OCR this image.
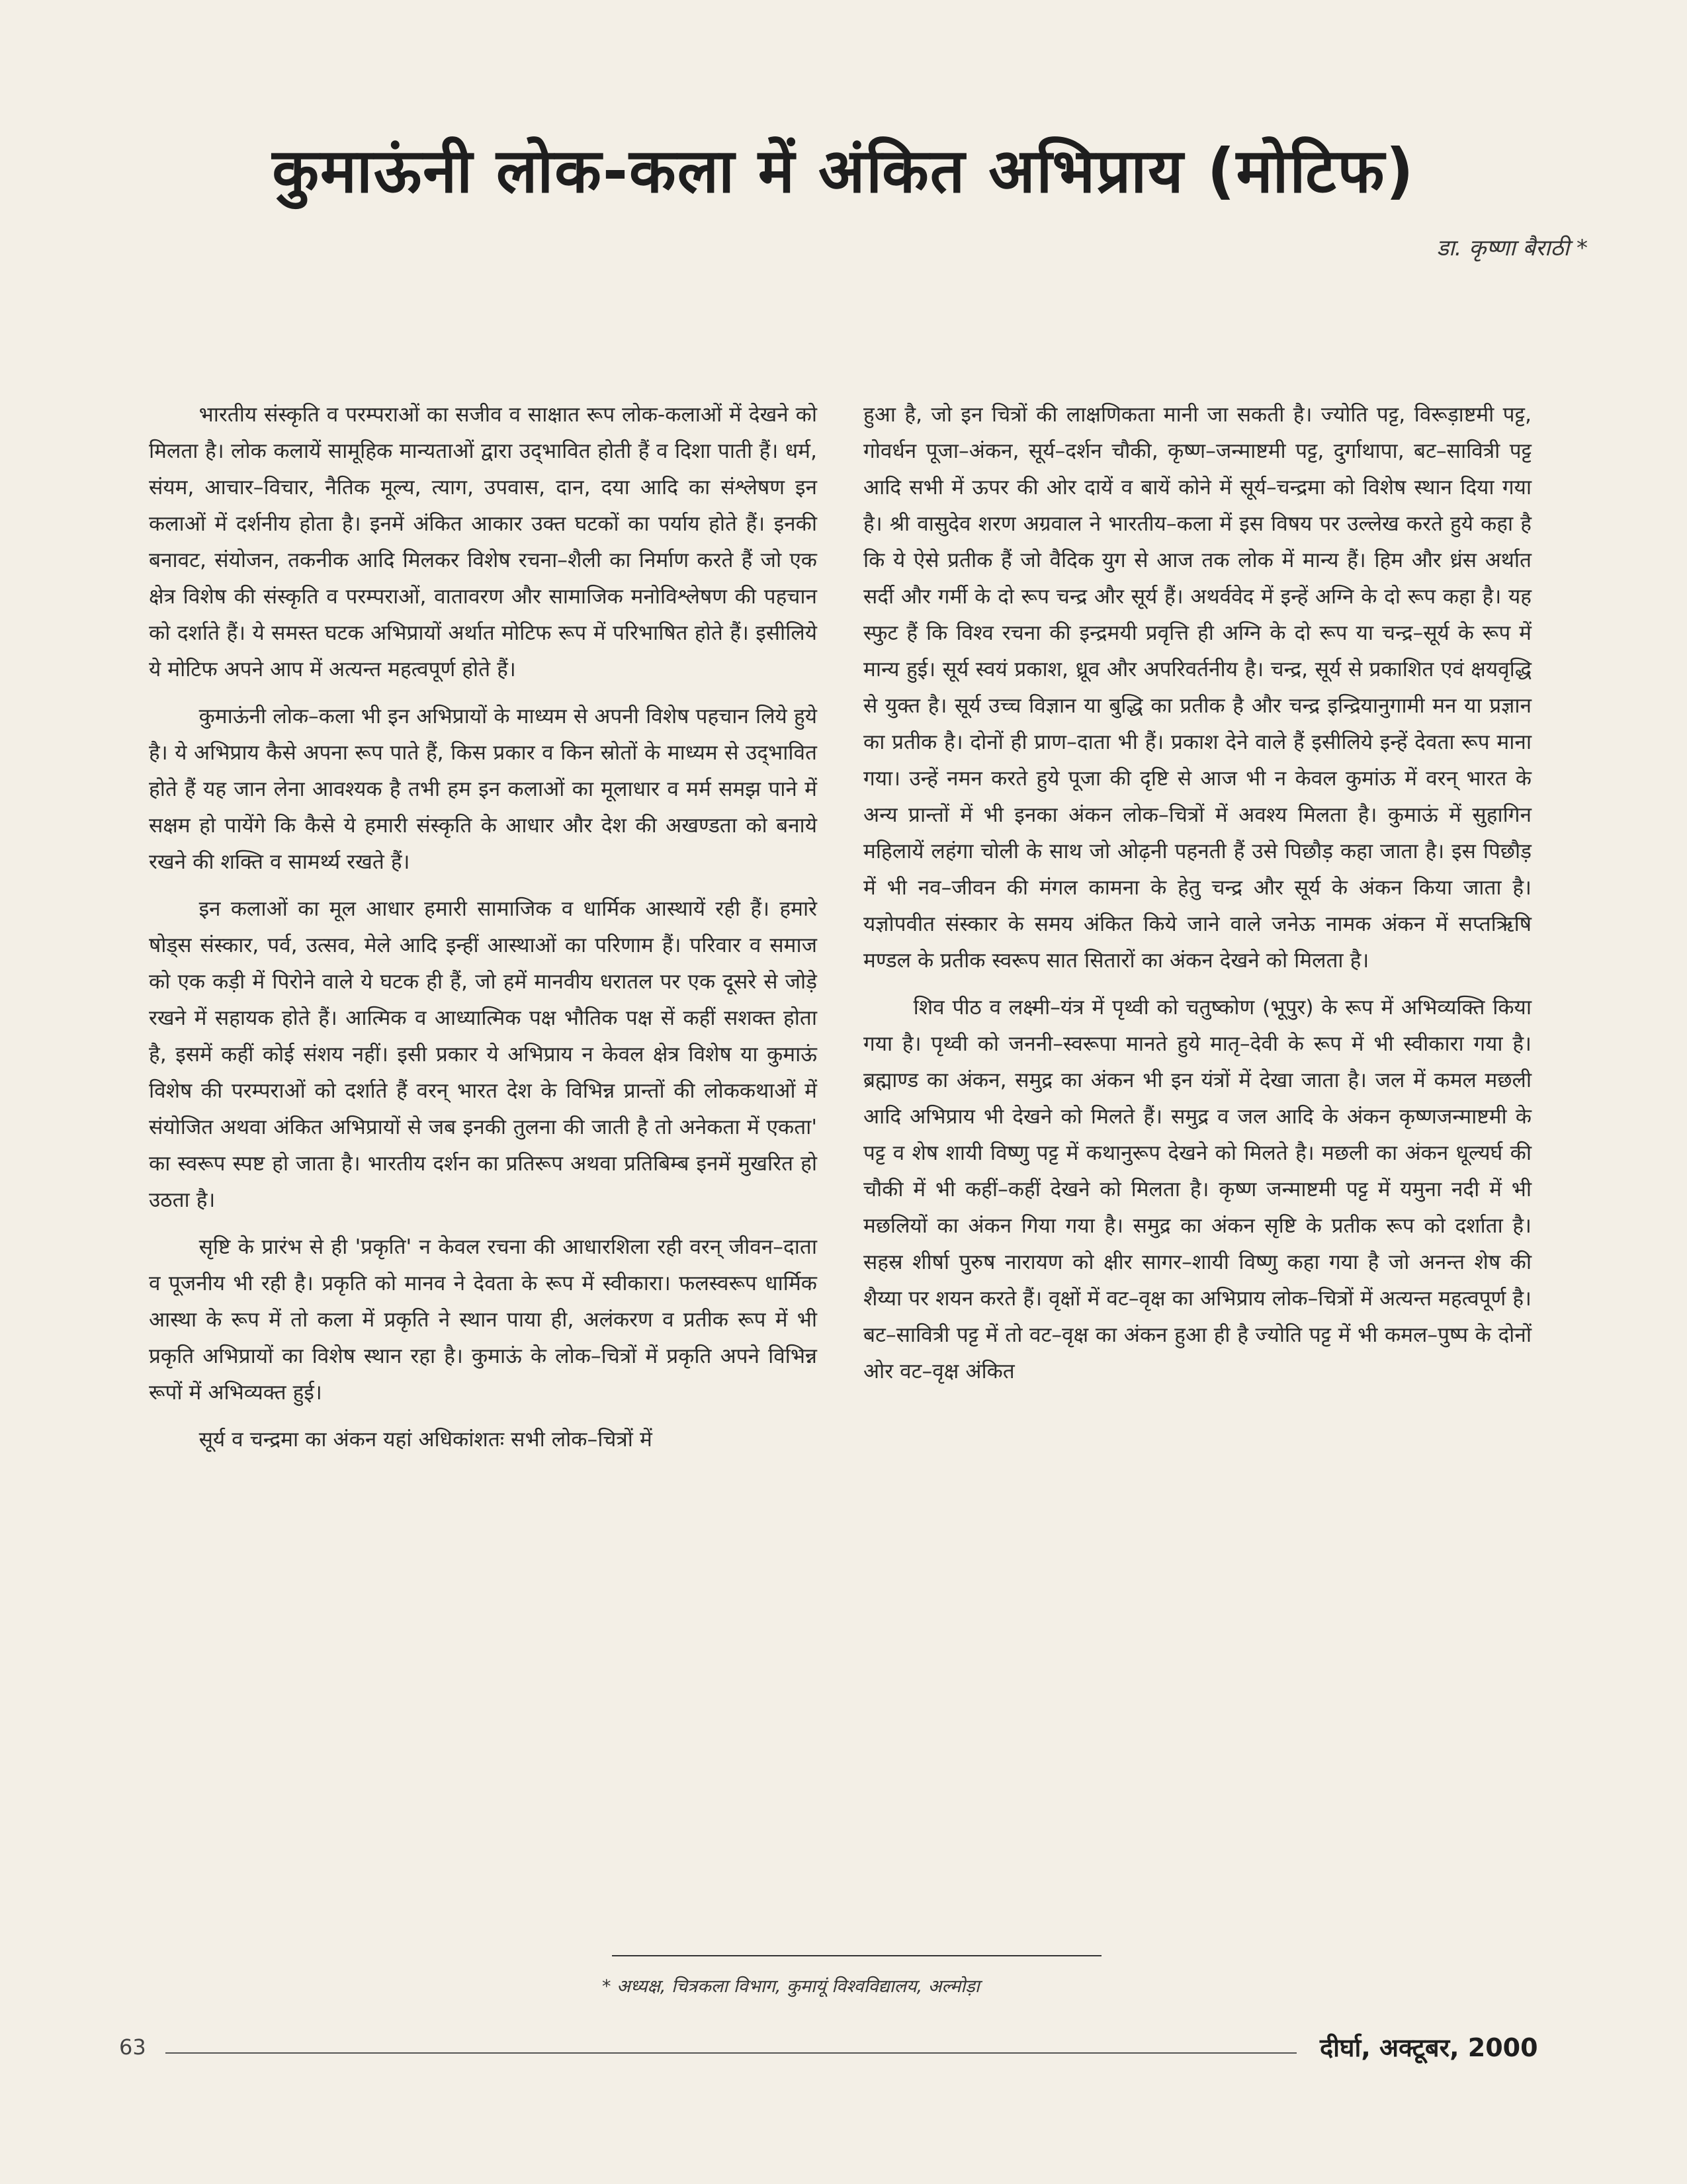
कुमाऊंनी लोक-कला में अंकित अभिप्राय (मोटिफ)
डा. कृष्णा बैराठी *

भारतीय संस्कृति व परम्पराओं का सजीव व साक्षात रूप लोक-कलाओं में देखने को मिलता है। लोक कलायें सामूहिक मान्यताओं द्वारा उद्‌भावित होती हैं व दिशा पाती हैं। धर्म, संयम, आचार–विचार, नैतिक मूल्य, त्याग, उपवास, दान, दया आदि का संश्लेषण इन कलाओं में दर्शनीय होता है। इनमें अंकित आकार उक्त घटकों का पर्याय होते हैं। इनकी बनावट, संयोजन, तकनीक आदि मिलकर विशेष रचना–शैली का निर्माण करते हैं जो एक क्षेत्र विशेष की संस्कृति व परम्पराओं, वातावरण और सामाजिक मनोविश्लेषण की पहचान को दर्शाते हैं। ये समस्त घटक अभिप्रायों अर्थात मोटिफ रूप में परिभाषित होते हैं। इसीलिये ये मोटिफ अपने आप में अत्यन्त महत्वपूर्ण होते हैं।

कुमाऊंनी लोक–कला भी इन अभिप्रायों के माध्यम से अपनी विशेष पहचान लिये हुये है। ये अभिप्राय कैसे अपना रूप पाते हैं, किस प्रकार व किन स्रोतों के माध्यम से उद्‌भावित होते हैं यह जान लेना आवश्यक है तभी हम इन कलाओं का मूलाधार व मर्म समझ पाने में सक्षम हो पायेंगे कि कैसे ये हमारी संस्कृति के आधार और देश की अखण्डता को बनाये रखने की शक्ति व सामर्थ्य रखते हैं।

इन कलाओं का मूल आधार हमारी सामाजिक व धार्मिक आस्थायें रही हैं। हमारे षोड्स संस्कार, पर्व, उत्सव, मेले आदि इन्हीं आस्थाओं का परिणाम हैं। परिवार व समाज को एक कड़ी में पिरोने वाले ये घटक ही हैं, जो हमें मानवीय धरातल पर एक दूसरे से जोड़े रखने में सहायक होते हैं। आत्मिक व आध्यात्मिक पक्ष भौतिक पक्ष सें कहीं सशक्त होता है, इसमें कहीं कोई संशय नहीं। इसी प्रकार ये अभिप्राय न केवल क्षेत्र विशेष या कुमाऊं विशेष की परम्पराओं को दर्शाते हैं वरन् भारत देश के विभिन्न प्रान्तों की लोककथाओं में संयोजित अथवा अंकित अभिप्रायों से जब इनकी तुलना की जाती है तो अनेकता में एकता' का स्वरूप स्पष्ट हो जाता है। भारतीय दर्शन का प्रतिरूप अथवा प्रतिबिम्ब इनमें मुखरित हो उठता है।

सृष्टि के प्रारंभ से ही 'प्रकृति' न केवल रचना की आधारशिला रही वरन् जीवन–दाता व पूजनीय भी रही है। प्रकृति को मानव ने देवता के रूप में स्वीकारा। फलस्वरूप धार्मिक आस्था के रूप में तो कला में प्रकृति ने स्थान पाया ही, अलंकरण व प्रतीक रूप में भी प्रकृति अभिप्रायों का विशेष स्थान रहा है। कुमाऊं के लोक–चित्रों में प्रकृति अपने विभिन्न रूपों में अभिव्यक्त हुई।

सूर्य व चन्द्रमा का अंकन यहां अधिकांशतः सभी लोक–चित्रों में

हुआ है, जो इन चित्रों की लाक्षणिकता मानी जा सकती है। ज्योति पट्ट, विरूड़ाष्टमी पट्ट, गोवर्धन पूजा–अंकन, सूर्य–दर्शन चौकी, कृष्ण–जन्माष्टमी पट्ट, दुर्गाथापा, बट–सावित्री पट्ट आदि सभी में ऊपर की ओर दायें व बायें कोने में सूर्य–चन्द्रमा को विशेष स्थान दिया गया है। श्री वासुदेव शरण अग्रवाल ने भारतीय–कला में इस विषय पर उल्लेख करते हुये कहा है कि ये ऐसे प्रतीक हैं जो वैदिक युग से आज तक लोक में मान्य हैं। हिम और ध्रंस अर्थात सर्दी और गर्मी के दो रूप चन्द्र और सूर्य हैं। अथर्ववेद में इन्हें अग्नि के दो रूप कहा है। यह स्फुट हैं कि विश्व रचना की इन्द्रमयी प्रवृत्ति ही अग्नि के दो रूप या चन्द्र–सूर्य के रूप में मान्य हुई। सूर्य स्वयं प्रकाश, ध्रूव और अपरिवर्तनीय है। चन्द्र, सूर्य से प्रकाशित एवं क्षयवृद्धि से युक्त है। सूर्य उच्च विज्ञान या बुद्धि का प्रतीक है और चन्द्र इन्द्रियानुगामी मन या प्रज्ञान का प्रतीक है। दोनों ही प्राण–दाता भी हैं। प्रकाश देने वाले हैं इसीलिये इन्हें देवता रूप माना गया। उन्हें नमन करते हुये पूजा की दृष्टि से आज भी न केवल कुमांऊ में वरन् भारत के अन्य प्रान्तों में भी इनका अंकन लोक–चित्रों में अवश्य मिलता है। कुमाऊं में सुहागिन महिलायें लहंगा चोली के साथ जो ओढ़नी पहनती हैं उसे पिछौड़ कहा जाता है। इस पिछौड़ में भी नव–जीवन की मंगल कामना के हेतु चन्द्र और सूर्य के अंकन किया जाता है। यज्ञोपवीत संस्कार के समय अंकित किये जाने वाले जनेऊ नामक अंकन में सप्तऋिषि मण्डल के प्रतीक स्वरूप सात सितारों का अंकन देखने को मिलता है।

शिव पीठ व लक्ष्मी–यंत्र में पृथ्वी को चतुष्कोण (भूपुर) के रूप में अभिव्यक्ति किया गया है। पृथ्वी को जननी–स्वरूपा मानते हुये मातृ–देवी के रूप में भी स्वीकारा गया है। ब्रह्माण्ड का अंकन, समुद्र का अंकन भी इन यंत्रों में देखा जाता है। जल में कमल मछली आदि अभिप्राय भी देखने को मिलते हैं। समुद्र व जल आदि के अंकन कृष्णजन्माष्टमी के पट्ट व शेष शायी विष्णु पट्ट में कथानुरूप देखने को मिलते है। मछली का अंकन धूल्यर्घ की चौकी में भी कहीं–कहीं देखने को मिलता है। कृष्ण जन्माष्टमी पट्ट में यमुना नदी में भी मछलियों का अंकन गिया गया है। समुद्र का अंकन सृष्टि के प्रतीक रूप को दर्शाता है। सहस्र शीर्षा पुरुष नारायण को क्षीर सागर–शायी विष्णु कहा गया है जो अनन्त शेष की शैय्या पर शयन करते हैं। वृक्षों में वट–वृक्ष का अभिप्राय लोक–चित्रों में अत्यन्त महत्वपूर्ण है। बट–सावित्री पट्ट में तो वट–वृक्ष का अंकन हुआ ही है ज्योति पट्ट में भी कमल–पुष्प के दोनों ओर वट–वृक्ष अंकित

* अध्यक्ष, चित्रकला विभाग, कुमायूं विश्वविद्यालय, अल्मोड़ा
63	दीर्घा, अक्टूबर, 2000
